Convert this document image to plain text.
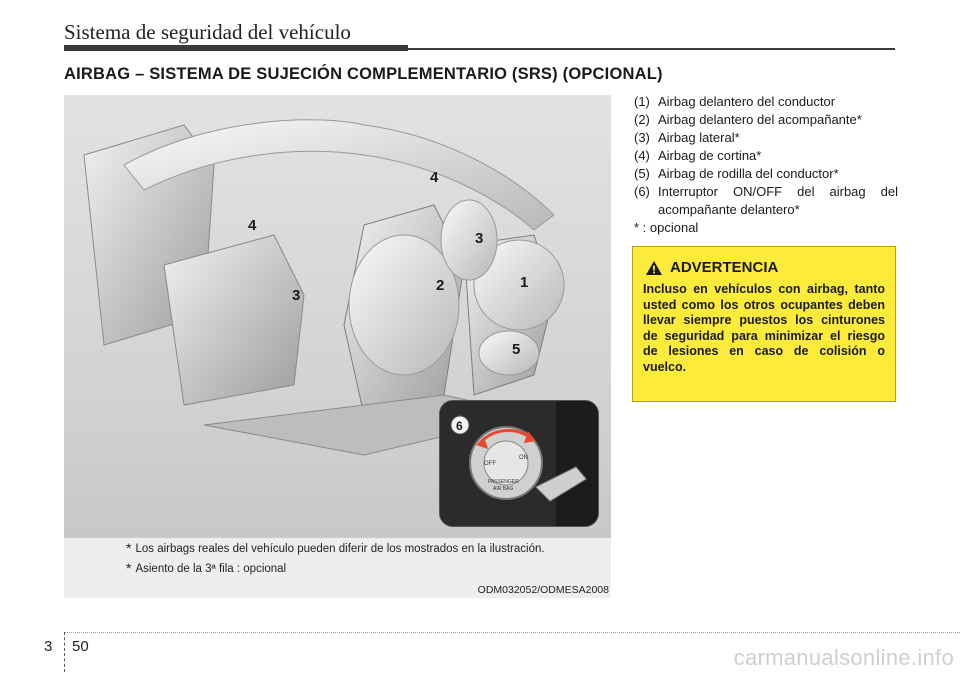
Sistema de seguridad del vehículo
AIRBAG – SISTEMA DE SUJECIÓN COMPLEMENTARIO (SRS) (OPCIONAL)
1
2
3
3
4
4
5
6
OFF
ON
PASSENGER
AIR BAG
* Los airbags reales del vehículo pueden diferir de los mostrados en la ilustración.
* Asiento de la 3ª fila : opcional
ODM032052/ODMESA2008
(1) Airbag delantero del conductor
(2) Airbag delantero del acompañante*
(3) Airbag lateral*
(4) Airbag de cortina*
(5) Airbag de rodilla del conductor*
(6) Interruptor ON/OFF del airbag del acompañante delantero*
* : opcional
ADVERTENCIA
Incluso en vehículos con airbag, tanto usted como los otros ocupantes deben llevar siempre puestos los cinturones de seguridad para minimizar el riesgo de lesiones en caso de colisión o vuelco.
3 50	carmanualsonline.info
